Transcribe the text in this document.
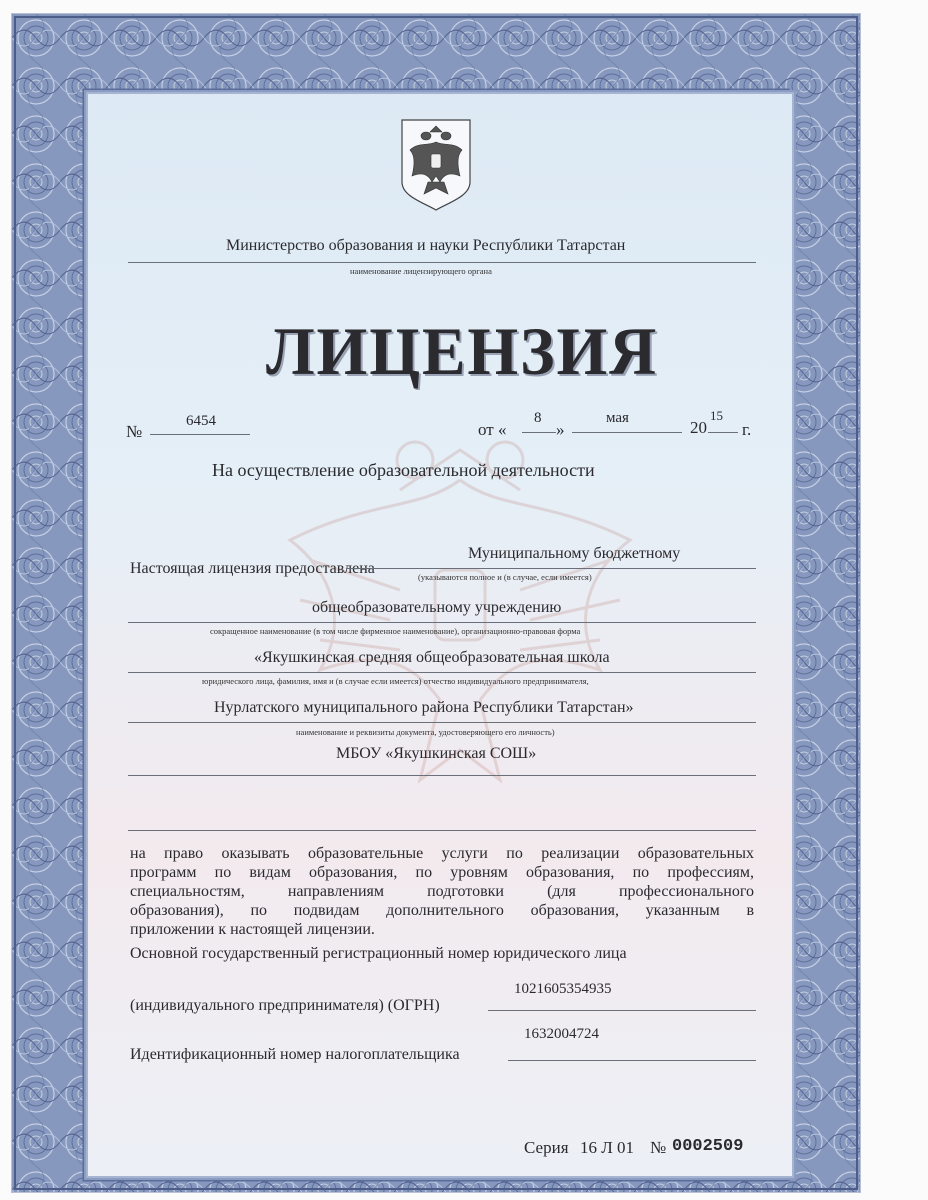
Министерство образования и науки Республики Татарстан
наименование лицензирующего органа
ЛИЦЕНЗИЯ
№
6454	от «
8
»
мая	20
15
г.
На осуществление образовательной деятельности
Настоящая лицензия предоставлена
Муниципальному бюджетному
(указываются полное и (в случае, если имеется)
общеобразовательному учреждению
сокращенное наименование (в том числе фирменное наименование), организационно-правовая форма
«Якушкинская средняя общеобразовательная школа
юридического лица, фамилия, имя и (в случае если имеется) отчество индивидуального предпринимателя,
Нурлатского муниципального района Республики Татарстан»
наименование и реквизиты документа, удостоверяющего его личность)
МБОУ «Якушкинская СОШ»
на право оказывать образовательные услуги по реализации образовательных
программ по видам образования, по уровням образования, по профессиям,
специальностям, направлениям подготовки (для профессионального
образования), по подвидам дополнительного образования, указанным в
приложении к настоящей лицензии.
Основной государственный регистрационный номер юридического лица
(индивидуального предпринимателя) (ОГРН)
1021605354935
Идентификационный номер налогоплательщика
1632004724
Серия 16 Л 01 № 0002509
